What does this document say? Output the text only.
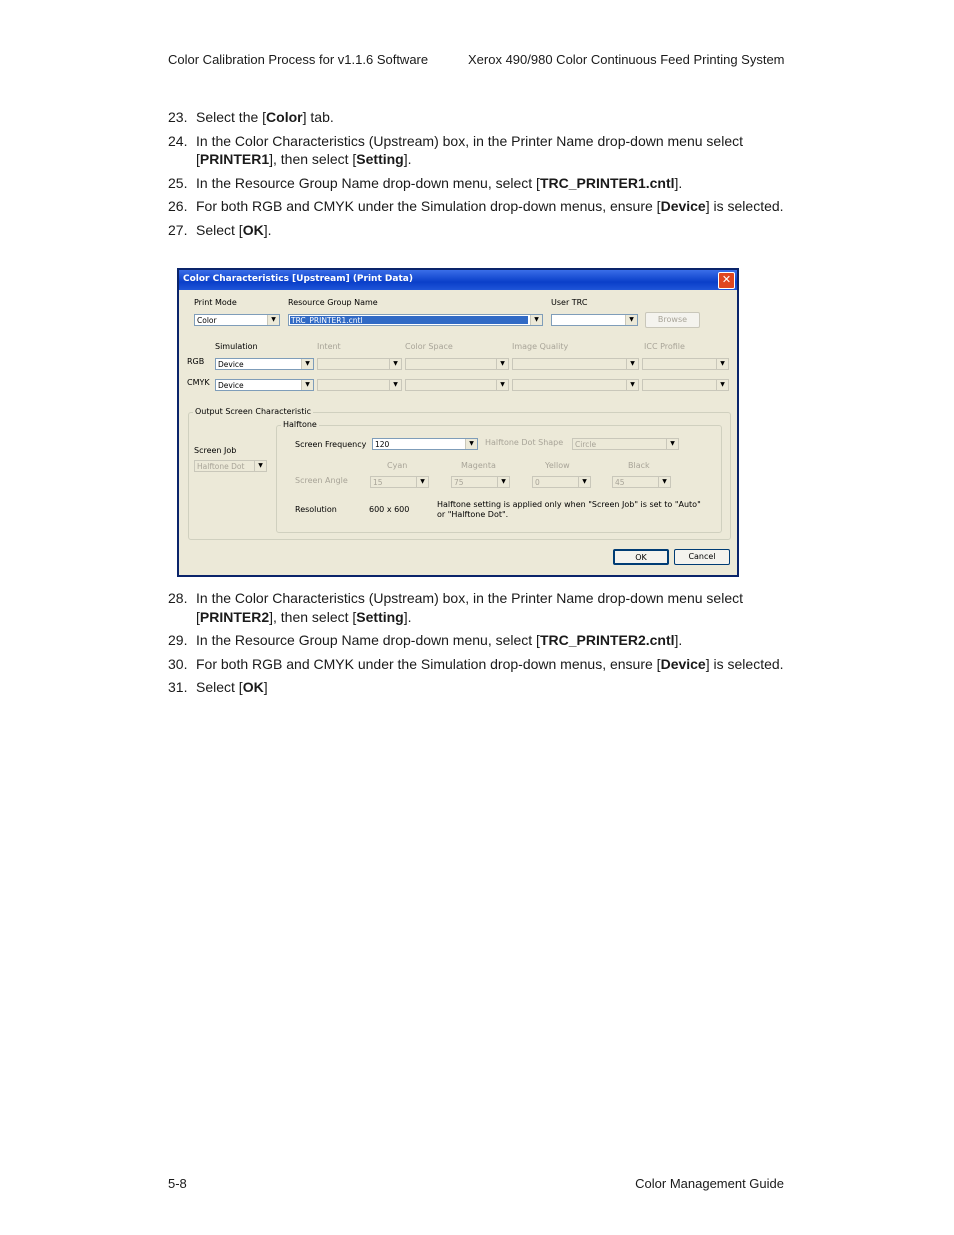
Color Calibration Process for v1.1.6 Software	Xerox 490/980 Color Continuous Feed Printing System
23. Select the [Color] tab.
24. In the Color Characteristics (Upstream) box, in the Printer Name drop-down menu select [PRINTER1], then select [Setting].
25. In the Resource Group Name drop-down menu, select [TRC_PRINTER1.cntl].
26. For both RGB and CMYK under the Simulation drop-down menus, ensure [Device] is selected.
27. Select [OK].
Color Characteristics [Upstream] (Print Data)	✕
Print Mode
Color	▼
Resource Group Name
TRC_PRINTER1.cntl	▼
User TRC
▼	Browse
Simulation	Intent	Color Space	Image Quality	ICC Profile
RGB Device	▼	▼	▼	▼	▼
CMYK Device	▼	▼	▼	▼	▼
Output Screen Characteristic
Screen Job
Halftone Dot	▼
Halftone
Screen Frequency 120	▼	Halftone Dot Shape Circle	▼
Cyan	Magenta	Yellow	Black
Screen Angle	15	▼	75	▼	0	▼	45	▼
Resolution	600 x 600
Halftone setting is applied only when "Screen Job" is set to "Auto"
or "Halftone Dot".
OK	Cancel
28. In the Color Characteristics (Upstream) box, in the Printer Name drop-down menu select [PRINTER2], then select [Setting].
29. In the Resource Group Name drop-down menu, select [TRC_PRINTER2.cntl].
30. For both RGB and CMYK under the Simulation drop-down menus, ensure [Device] is selected.
31. Select [OK]
5-8	Color Management Guide
